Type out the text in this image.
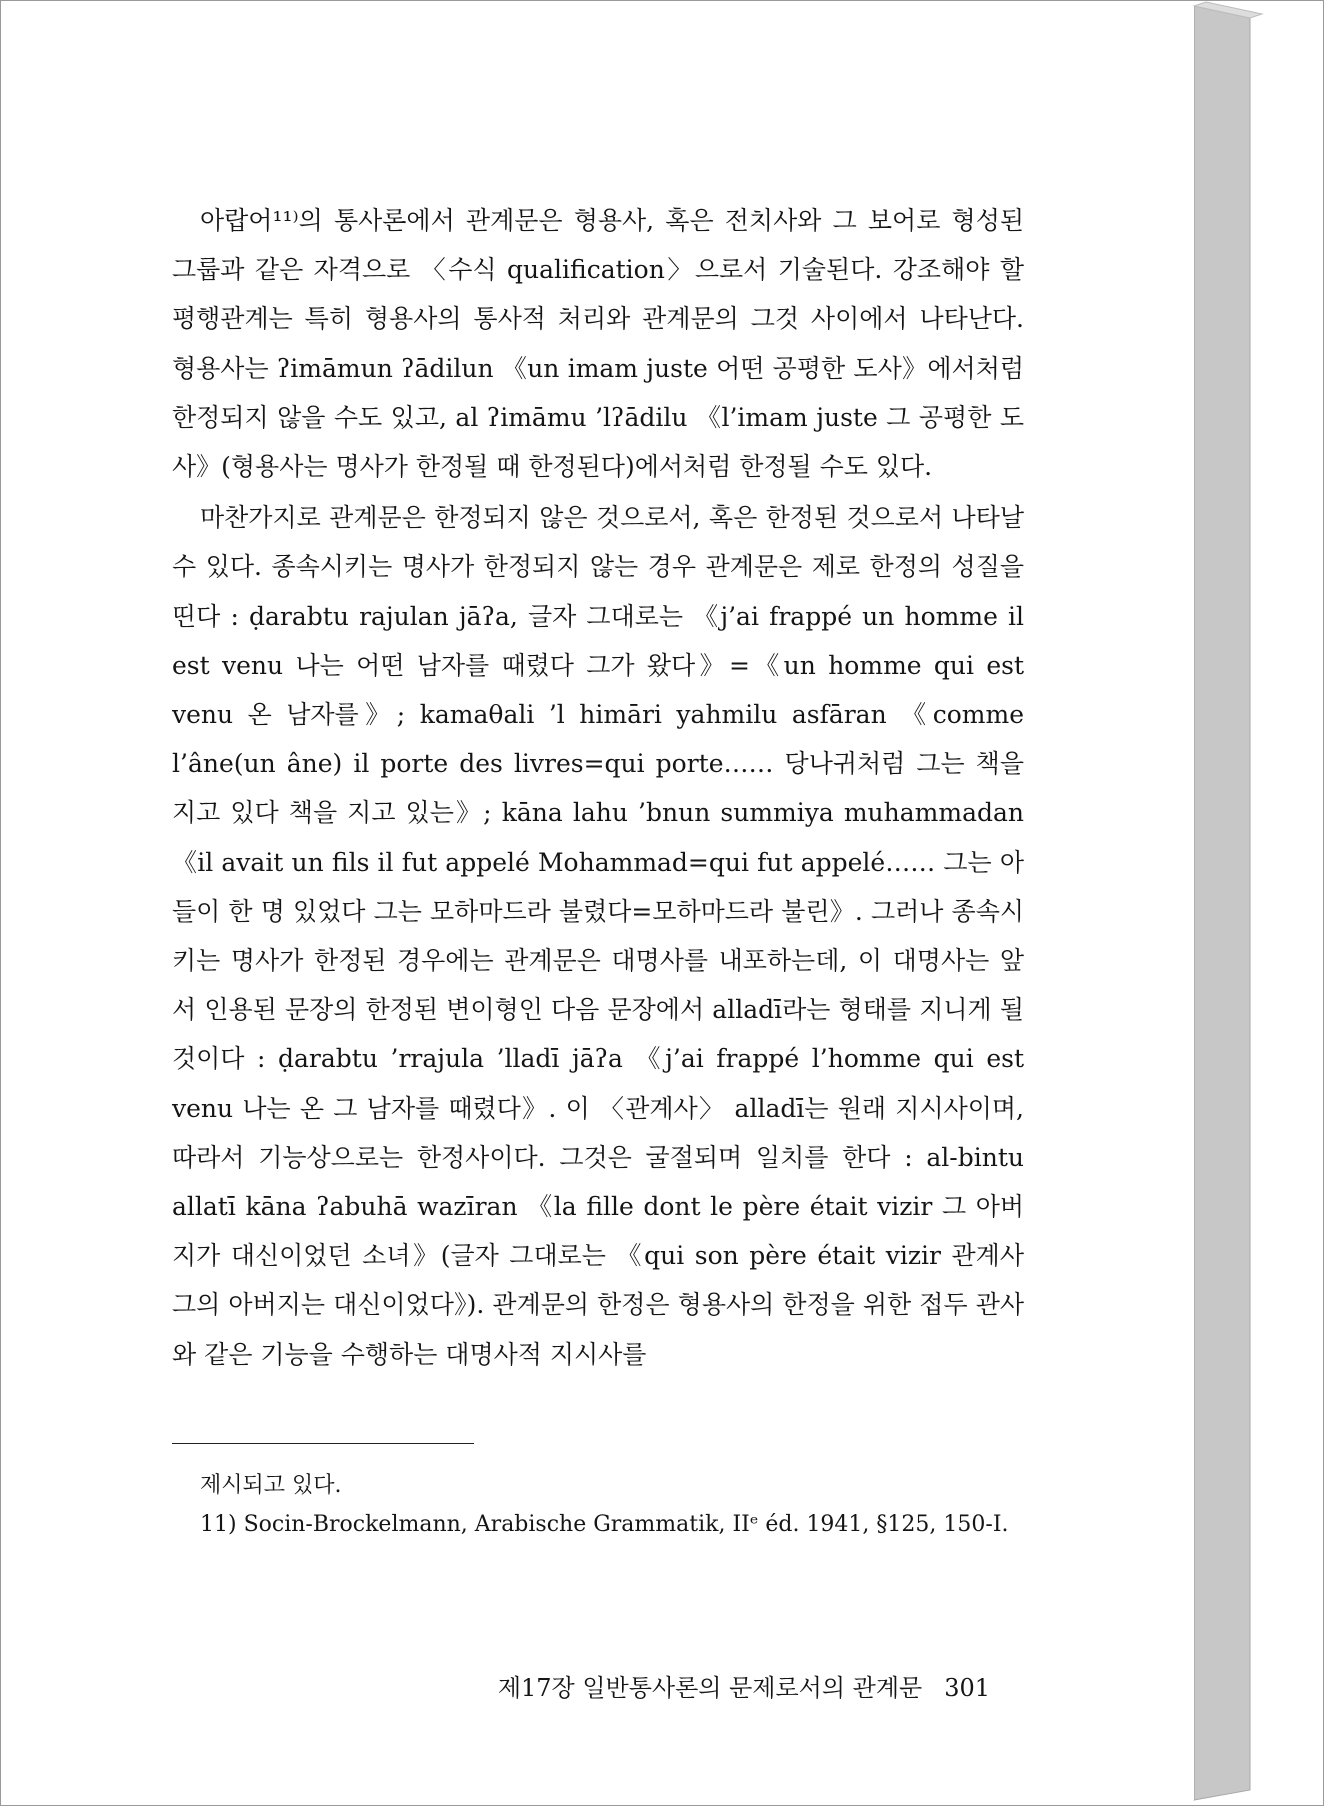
아랍어¹¹⁾의 통사론에서 관계문은 형용사, 혹은 전치사와 그 보어로 형성된 그룹과 같은 자격으로 〈수식 qualification〉으로서 기술된다. 강조해야 할 평행관계는 특히 형용사의 통사적 처리와 관계문의 그것 사이에서 나타난다. 형용사는 ʔimāmun ʔādilun 《un imam juste 어떤 공평한 도사》에서처럼 한정되지 않을 수도 있고, al ʔimāmu ’lʔādilu 《l’imam juste 그 공평한 도사》(형용사는 명사가 한정될 때 한정된다)에서처럼 한정될 수도 있다.

마찬가지로 관계문은 한정되지 않은 것으로서, 혹은 한정된 것으로서 나타날 수 있다. 종속시키는 명사가 한정되지 않는 경우 관계문은 제로 한정의 성질을 띤다 : ḍarabtu rajulan jāʔa, 글자 그대로는 《j’ai frappé un homme il est venu 나는 어떤 남자를 때렸다 그가 왔다》=《un homme qui est venu 온 남자를》; kamaθali ’l himāri yahmilu asfāran 《comme l’âne(un âne) il porte des livres=qui porte…… 당나귀처럼 그는 책을 지고 있다 책을 지고 있는》; kāna lahu ’bnun summiya muhammadan 《il avait un fils il fut appelé Mohammad=qui fut appelé…… 그는 아들이 한 명 있었다 그는 모하마드라 불렸다=모하마드라 불린》. 그러나 종속시키는 명사가 한정된 경우에는 관계문은 대명사를 내포하는데, 이 대명사는 앞서 인용된 문장의 한정된 변이형인 다음 문장에서 alladī라는 형태를 지니게 될 것이다 : ḍarabtu ’rrajula ’lladī jāʔa 《j’ai frappé l’homme qui est venu 나는 온 그 남자를 때렸다》. 이 〈관계사〉 alladī는 원래 지시사이며, 따라서 기능상으로는 한정사이다. 그것은 굴절되며 일치를 한다 : al-bintu allatī kāna ʔabuhā wazīran 《la fille dont le père était vizir 그 아버지가 대신이었던 소녀》(글자 그대로는 《qui son père était vizir 관계사 그의 아버지는 대신이었다》). 관계문의 한정은 형용사의 한정을 위한 접두 관사와 같은 기능을 수행하는 대명사적 지시사를

제시되고 있다.
11) Socin-Brockelmann, Arabische Grammatik, IIᵉ éd. 1941, §125, 150-I.
제17장 일반통사론의 문제로서의 관계문 301
